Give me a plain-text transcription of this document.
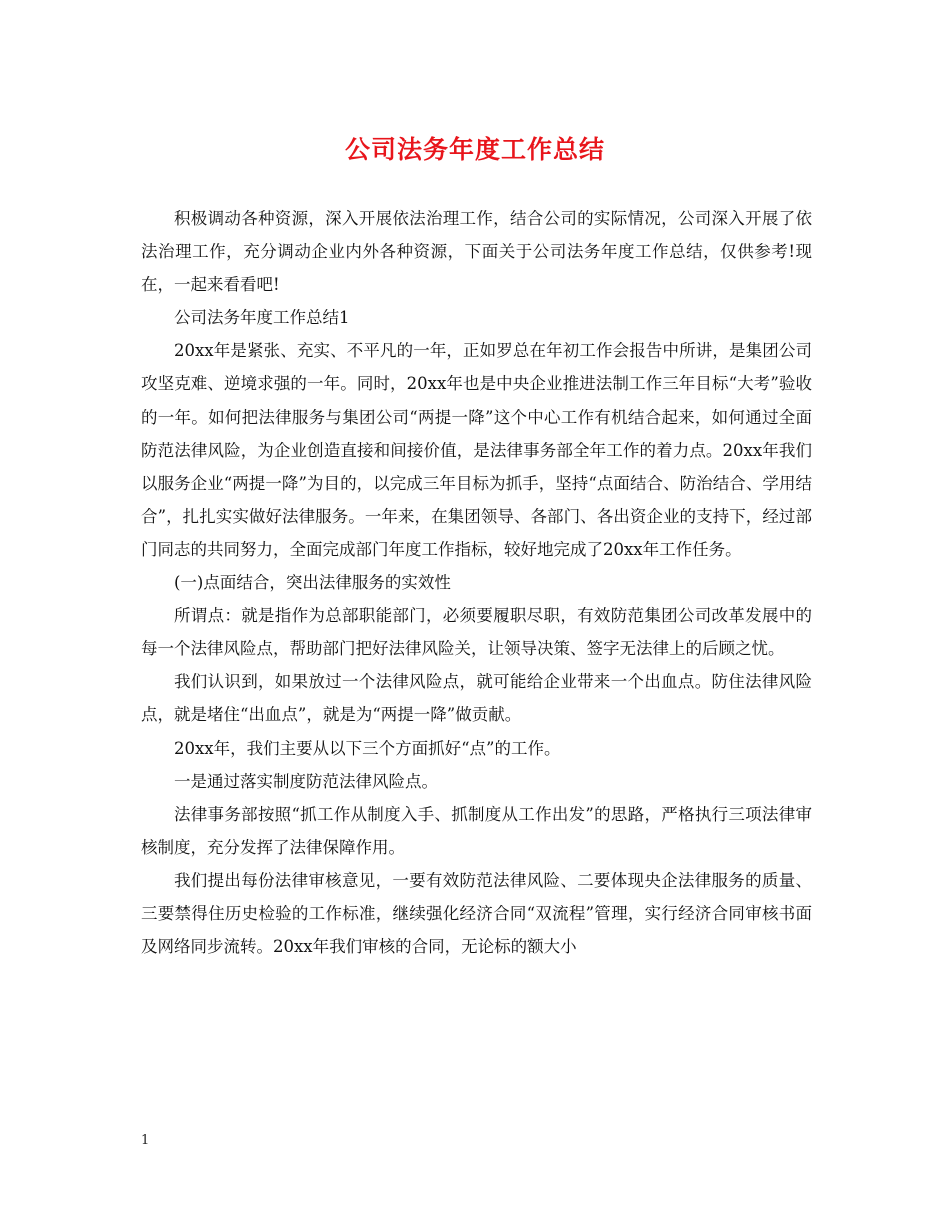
公司法务年度工作总结

积极调动各种资源，深入开展依法治理工作，结合公司的实际情况，公司深入开展了依法治理工作，充分调动企业内外各种资源，下面关于公司法务年度工作总结，仅供参考!现在，一起来看看吧!

公司法务年度工作总结1

20xx年是紧张、充实、不平凡的一年，正如罗总在年初工作会报告中所讲，是集团公司攻坚克难、逆境求强的一年。同时，20xx年也是中央企业推进法制工作三年目标“大考”验收的一年。如何把法律服务与集团公司“两提一降”这个中心工作有机结合起来，如何通过全面防范法律风险，为企业创造直接和间接价值，是法律事务部全年工作的着力点。20xx年我们以服务企业“两提一降”为目的，以完成三年目标为抓手，坚持“点面结合、防治结合、学用结合”，扎扎实实做好法律服务。一年来，在集团领导、各部门、各出资企业的支持下，经过部门同志的共同努力，全面完成部门年度工作指标，较好地完成了20xx年工作任务。

(一)点面结合，突出法律服务的实效性

所谓点：就是指作为总部职能部门，必须要履职尽职，有效防范集团公司改革发展中的每一个法律风险点，帮助部门把好法律风险关，让领导决策、签字无法律上的后顾之忧。

我们认识到，如果放过一个法律风险点，就可能给企业带来一个出血点。防住法律风险点，就是堵住“出血点”，就是为“两提一降”做贡献。

20xx年，我们主要从以下三个方面抓好“点”的工作。

一是通过落实制度防范法律风险点。

法律事务部按照“抓工作从制度入手、抓制度从工作出发”的思路，严格执行三项法律审核制度，充分发挥了法律保障作用。

我们提出每份法律审核意见，一要有效防范法律风险、二要体现央企法律服务的质量、三要禁得住历史检验的工作标准，继续强化经济合同“双流程”管理，实行经济合同审核书面及网络同步流转。20xx年我们审核的合同，无论标的额大小

1
